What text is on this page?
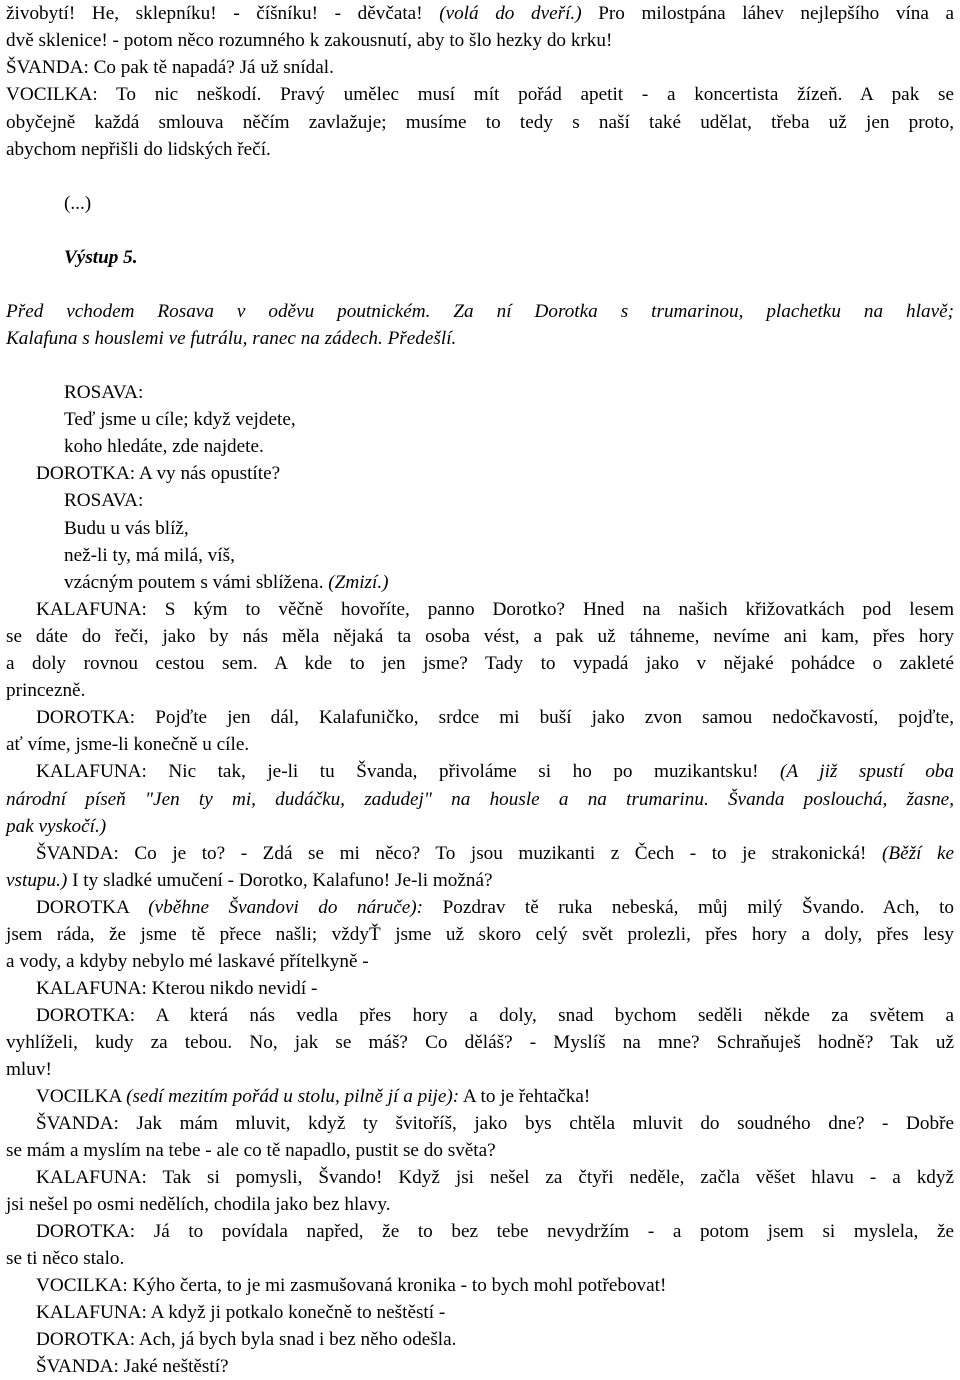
živobytí! He, sklepníku! - číšníku! - děvčata! (volá do dveří.) Pro milostpána láhev nejlepšího vína a
dvě sklenice! - potom něco rozumného k zakousnutí, aby to šlo hezky do krku!
ŠVANDA: Co pak tě napadá? Já už snídal.
VOCILKA: To nic neškodí. Pravý umělec musí mít pořád apetit - a koncertista žízeň. A pak se
obyčejně každá smlouva něčím zavlažuje; musíme to tedy s naší také udělat, třeba už jen proto,
abychom nepřišli do lidských řečí.
(...)
Výstup 5.
Před vchodem Rosava v oděvu poutnickém. Za ní Dorotka s trumarinou, plachetku na hlavě;
Kalafuna s houslemi ve futrálu, ranec na zádech. Předešlí.
ROSAVA:
Teď jsme u cíle; když vejdete,
koho hledáte, zde najdete.
DOROTKA: A vy nás opustíte?
ROSAVA:
Budu u vás blíž,
než-li ty, má milá, víš,
vzácným poutem s vámi sblížena. (Zmizí.)
KALAFUNA: S kým to věčně hovoříte, panno Dorotko? Hned na našich křižovatkách pod lesem
se dáte do řeči, jako by nás měla nějaká ta osoba vést, a pak už táhneme, nevíme ani kam, přes hory
a doly rovnou cestou sem. A kde to jen jsme? Tady to vypadá jako v nějaké pohádce o zakleté
princezně.
DOROTKA: Pojďte jen dál, Kalafuničko, srdce mi buší jako zvon samou nedočkavostí, pojďte,
ať víme, jsme-li konečně u cíle.
KALAFUNA: Nic tak, je-li tu Švanda, přivoláme si ho po muzikantsku! (A již spustí oba
národní píseň "Jen ty mi, dudáčku, zadudej" na housle a na trumarinu. Švanda poslouchá, žasne,
pak vyskočí.)
ŠVANDA: Co je to? - Zdá se mi něco? To jsou muzikanti z Čech - to je strakonická! (Běží ke
vstupu.) I ty sladké umučení - Dorotko, Kalafuno! Je-li možná?
DOROTKA (vběhne Švandovi do náruče): Pozdrav tě ruka nebeská, můj milý Švando. Ach, to
jsem ráda, že jsme tě přece našli; vždyŤ jsme už skoro celý svět prolezli, přes hory a doly, přes lesy
a vody, a kdyby nebylo mé laskavé přítelkyně -
KALAFUNA: Kterou nikdo nevidí -
DOROTKA: A která nás vedla přes hory a doly, snad bychom seděli někde za světem a
vyhlíželi, kudy za tebou. No, jak se máš? Co děláš? - Myslíš na mne? Schraňuješ hodně? Tak už
mluv!
VOCILKA (sedí mezitím pořád u stolu, pilně jí a pije): A to je řehtačka!
ŠVANDA: Jak mám mluvit, když ty švitoříš, jako bys chtěla mluvit do soudného dne? - Dobře
se mám a myslím na tebe - ale co tě napadlo, pustit se do světa?
KALAFUNA: Tak si pomysli, Švando! Když jsi nešel za čtyři neděle, začla věšet hlavu - a když
jsi nešel po osmi nedělích, chodila jako bez hlavy.
DOROTKA: Já to povídala napřed, že to bez tebe nevydržím - a potom jsem si myslela, že
se ti něco stalo.
VOCILKA: Kýho čerta, to je mi zasmušovaná kronika - to bych mohl potřebovat!
KALAFUNA: A když ji potkalo konečně to neštěstí -
DOROTKA: Ach, já bych byla snad i bez něho odešla.
ŠVANDA: Jaké neštěstí?
